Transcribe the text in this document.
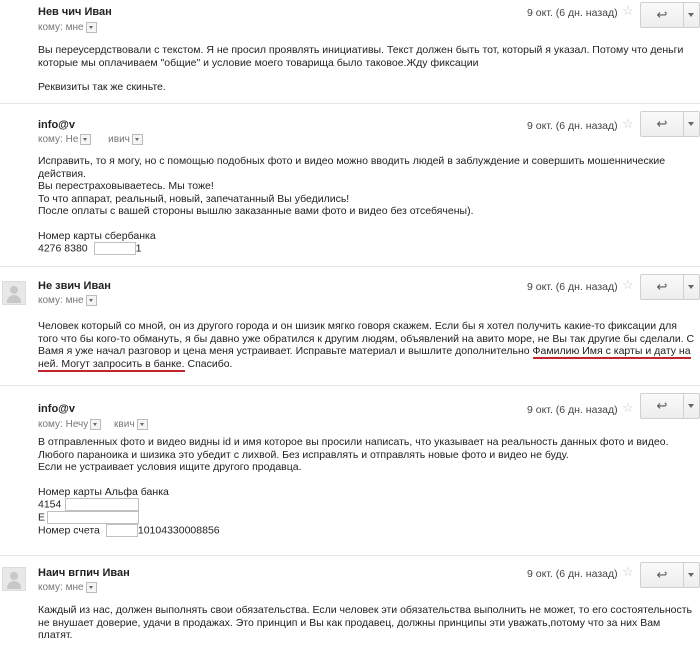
Нев чич Иван
кому: мне
9 окт. (6 дн. назад) ☆	↩

Вы переусердствовали с текстом. Я не просил проявлять инициативы. Текст должен быть тот, который я указал. Потому что деньги

которые мы оплачиваем "общие" и условие моего товарища было таковое.Жду фиксации

Реквизиты так же скиньте.

info@v
кому: Не	ивич
9 окт. (6 дн. назад) ☆	↩

Исправить, то я могу, но с помощью подобных фото и видео можно вводить людей в заблуждение и совершить мошеннические

действия.

Вы перестраховываетесь. Мы тоже!

То что аппарат, реальный, новый, запечатанный Вы убедились!

После оплаты с вашей стороны вышлю заказанные вами фото и видео без отсебячены).

Номер карты сбербанка

4276 8380	1

Не звич Иван
кому: мне
9 окт. (6 дн. назад) ☆	↩

Человек который со мной, он из другого города и он шизик мягко говоря скажем. Если бы я хотел получить какие-то фиксации для

того что бы кого-то обмануть, я бы давно уже обратился к другим людям, объявлений на авито море, не Вы так другие бы сделали. С

Вамя я уже начал разговор и цена меня устраивает. Исправьте материал и вышлите дополнительно Фамилию Имя с карты и дату на

ней. Могут запросить в банке. Спасибо.

info@v
кому: Нечу	квич
9 окт. (6 дн. назад) ☆	↩

В отправленных фото и видео видны id и имя которое вы просили написать, что указывает на реальность данных фото и видео.

Любого параноика и шизика это убедит с лихвой. Без исправлять и отправлять новые фото и видео не буду.

Если не устраивает условия ищите другого продавца.

Номер карты Альфа банка

4154

Е

Номер счета	10104330008856

Наич вгпич Иван
кому: мне
9 окт. (6 дн. назад) ☆	↩

Каждый из нас, должен выполнять свои обязательства. Если человек эти обязательства выполнить не может, то его состоятельность

не внушает доверие, удачи в продажах. Это принцип и Вы как продавец, должны принципы эти уважать,потому что за них Вам

платят.
